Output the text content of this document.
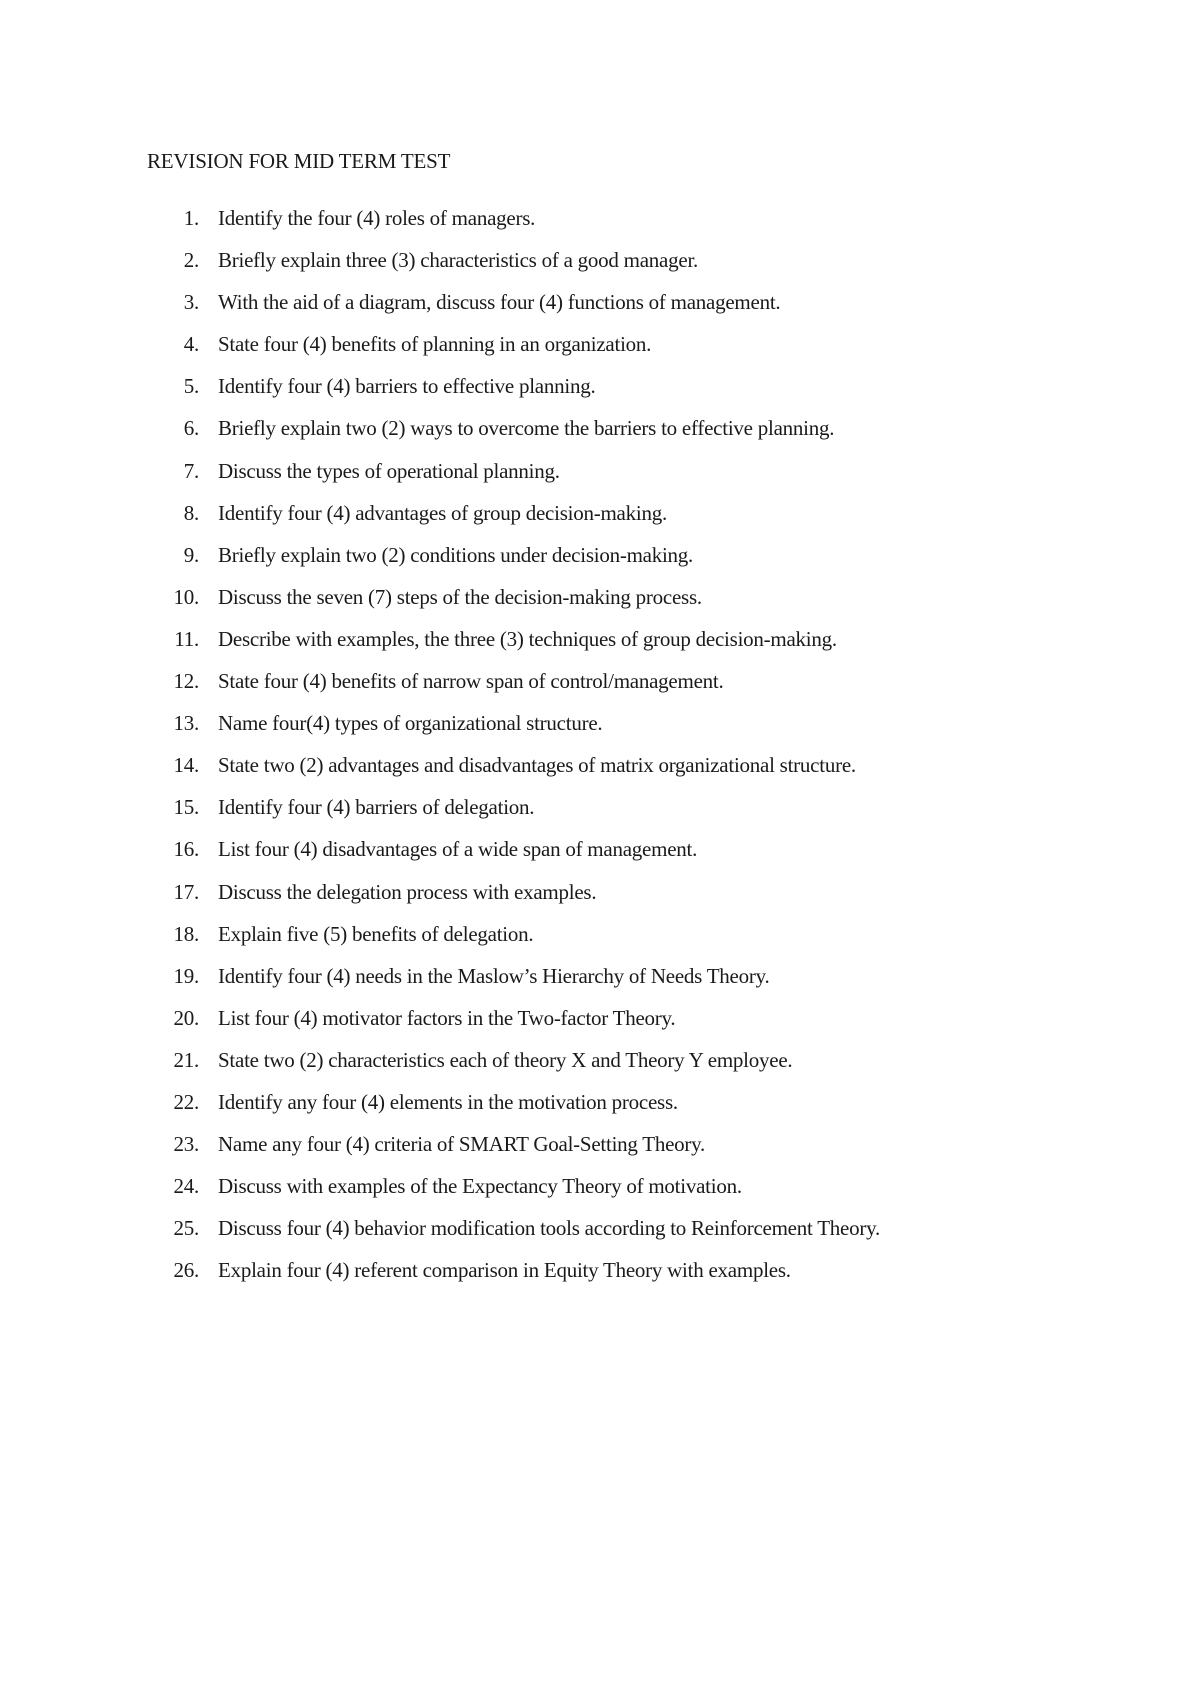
REVISION FOR MID TERM TEST
1. Identify the four (4) roles of managers.
2. Briefly explain three (3) characteristics of a good manager.
3. With the aid of a diagram, discuss four (4) functions of management.
4. State four (4) benefits of planning in an organization.
5. Identify four (4) barriers to effective planning.
6. Briefly explain two (2) ways to overcome the barriers to effective planning.
7. Discuss the types of operational planning.
8. Identify four (4) advantages of group decision-making.
9. Briefly explain two (2) conditions under decision-making.
10. Discuss the seven (7) steps of the decision-making process.
11. Describe with examples, the three (3) techniques of group decision-making.
12. State four (4) benefits of narrow span of control/management.
13. Name four(4) types of organizational structure.
14. State two (2) advantages and disadvantages of matrix organizational structure.
15. Identify four (4) barriers of delegation.
16. List four (4) disadvantages of a wide span of management.
17. Discuss the delegation process with examples.
18. Explain five (5) benefits of delegation.
19. Identify four (4) needs in the Maslow’s Hierarchy of Needs Theory.
20. List four (4) motivator factors in the Two-factor Theory.
21. State two (2) characteristics each of theory X and Theory Y employee.
22. Identify any four (4) elements in the motivation process.
23. Name any four (4) criteria of SMART Goal-Setting Theory.
24. Discuss with examples of the Expectancy Theory of motivation.
25. Discuss four (4) behavior modification tools according to Reinforcement Theory.
26. Explain four (4) referent comparison in Equity Theory with examples.
